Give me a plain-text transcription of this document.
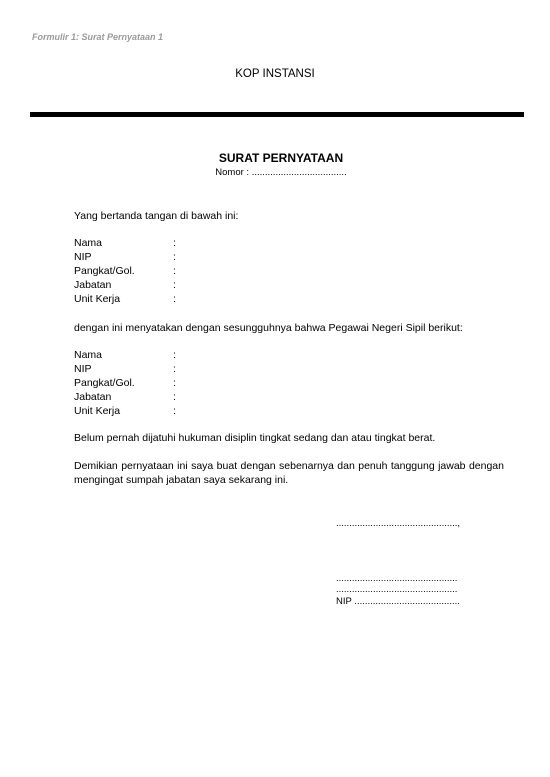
Formulir 1: Surat Pernyataan 1
KOP INSTANSI
SURAT PERNYATAAN
Nomor : ....................................
Yang bertanda tangan di bawah ini:
Nama	:
NIP	:
Pangkat/Gol.	:
Jabatan	:
Unit Kerja	:
dengan ini menyatakan dengan sesungguhnya bahwa Pegawai Negeri Sipil berikut:
Nama	:
NIP	:
Pangkat/Gol.	:
Jabatan	:
Unit Kerja	:
Belum pernah dijatuhi hukuman disiplin tingkat sedang dan atau tingkat berat.
Demikian pernyataan ini saya buat dengan sebenarnya dan penuh tanggung jawab dengan mengingat sumpah jabatan saya sekarang ini.
..............................................,
..............................................
..............................................
NIP ........................................
